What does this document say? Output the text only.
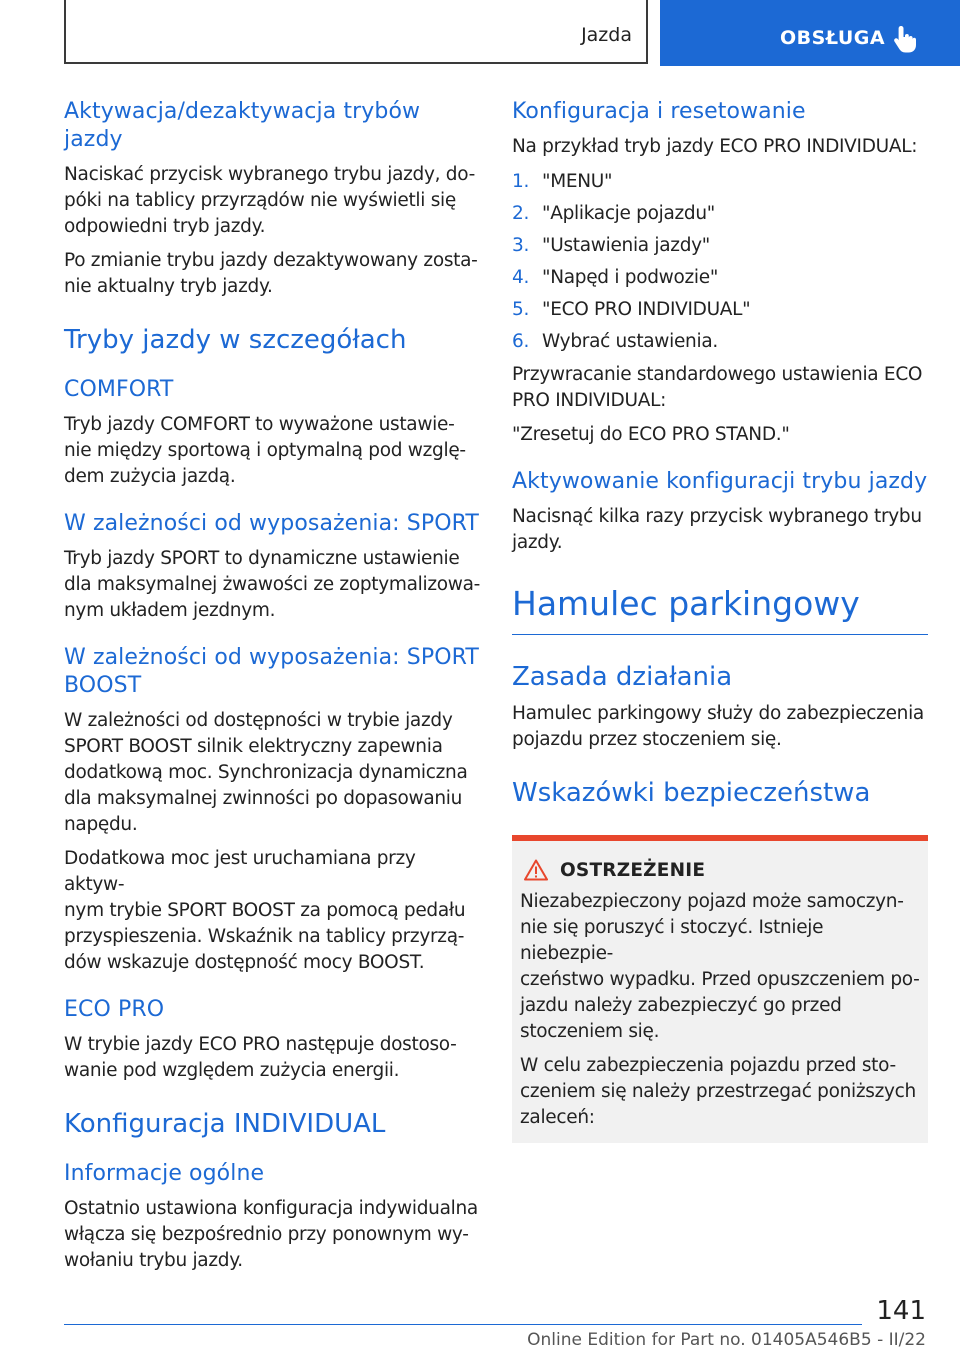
Jazda	OBSŁUGA
Aktywacja/dezaktywacja trybów jazdy

Naciskać przycisk wybranego trybu jazdy, do-
póki na tablicy przyrządów nie wyświetli się
odpowiedni tryb jazdy.

Po zmianie trybu jazdy dezaktywowany zosta-
nie aktualny tryb jazdy.

Tryby jazdy w szczegółach
COMFORT

Tryb jazdy COMFORT to wyważone ustawie-
nie między sportową i optymalną pod wzglę-
dem zużycia jazdą.

W zależności od wyposażenia: SPORT

Tryb jazdy SPORT to dynamiczne ustawienie
dla maksymalnej żwawości ze zoptymalizowa-
nym układem jezdnym.

W zależności od wyposażenia: SPORT
BOOST

W zależności od dostępności w trybie jazdy
SPORT BOOST silnik elektryczny zapewnia
dodatkową moc. Synchronizacja dynamiczna
dla maksymalnej zwinności po dopasowaniu
napędu.

Dodatkowa moc jest uruchamiana przy aktyw-
nym trybie SPORT BOOST za pomocą pedału
przyspieszenia. Wskaźnik na tablicy przyrzą-
dów wskazuje dostępność mocy BOOST.

ECO PRO

W trybie jazdy ECO PRO następuje dostoso-
wanie pod względem zużycia energii.

Konfiguracja INDIVIDUAL
Informacje ogólne

Ostatnio ustawiona konfiguracja indywidualna
włącza się bezpośrednio przy ponownym wy-
wołaniu trybu jazdy.

Konfiguracja i resetowanie

Na przykład tryb jazdy ECO PRO INDIVIDUAL:

1. "MENU"
2. "Aplikacje pojazdu"
3. "Ustawienia jazdy"
4. "Napęd i podwozie"
5. "ECO PRO INDIVIDUAL"
6. Wybrać ustawienia.

Przywracanie standardowego ustawienia ECO
PRO INDIVIDUAL:

"Zresetuj do ECO PRO STAND."

Aktywowanie konfiguracji trybu jazdy

Nacisnąć kilka razy przycisk wybranego trybu
jazdy.

Hamulec parkingowy
Zasada działania

Hamulec parkingowy służy do zabezpieczenia
pojazdu przez stoczeniem się.

Wskazówki bezpieczeństwa
OSTRZEŻENIE

Niezabezpieczony pojazd może samoczyn-
nie się poruszyć i stoczyć. Istnieje niebezpie-
czeństwo wypadku. Przed opuszczeniem po-
jazdu należy zabezpieczyć go przed
stoczeniem się.

W celu zabezpieczenia pojazdu przed sto-
czeniem się należy przestrzegać poniższych
zaleceń:

141
Online Edition for Part no. 01405A546B5 - II/22
